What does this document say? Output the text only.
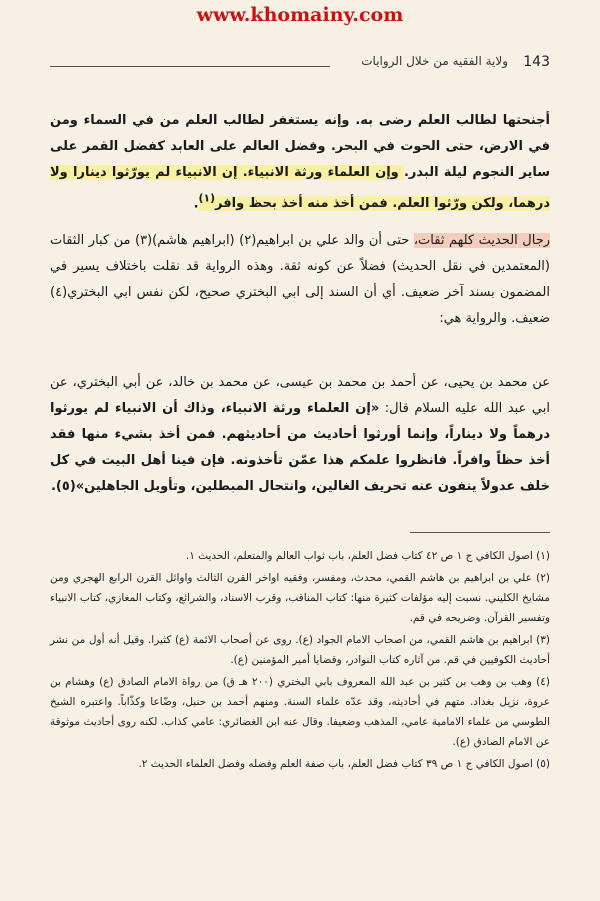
www.khomainy.com
143
ولاية الفقيه من خلال الروايات
أجنحتها لطالب العلم رضى به. وإنه يستغفر لطالب العلم من في السماء ومن في الارض، حتى الحوت في البحر. وفضل العالم على العابد كفضل القمر على ساير النجوم ليلة البدر. وإن العلماء ورثة الانبياء. إن الانبياء لم يورّثوا دينارا ولا درهما، ولكن ورّثوا العلم. فمن أخذ منه أخذ بحظ وافر$^{(١)}$.
رجال الحديث كلهم ثقات، حتى أن والد علي بن ابراهيم(٢) (ابراهيم هاشم)(٣) من كبار الثقات (المعتمدين في نقل الحديث) فضلاً عن كونه ثقة. وهذه الرواية قد نقلت باختلاف يسير في المضمون بسند آخر ضعيف. أي أن السند إلى ابي البختري صحيح، لكن نفس ابي البختري(٤) ضعيف. والرواية هي:
عن محمد بن يحيى، عن أحمد بن محمد بن عيسى، عن محمد بن خالد، عن أبي البختري، عن ابي عبد الله عليه السلام قال: «إن العلماء ورثة الانبياء، وذاك أن الانبياء لم يورثوا درهماً ولا ديناراً، وإنما أورثوا أحاديث من أحاديثهم. فمن أخذ بشيء منها فقد أخذ حظاً وافراً. فانظروا علمكم هذا عمّن تأخذونه. فإن فينا أهل البيت في كل خلف عدولاً ينفون عنه تحريف الغالين، وانتحال المبطلين، وتأويل الجاهلين»(٥).

(١) اصول الكافي ج ١ ص ٤٢ كتاب فضل العلم، باب ثواب العالم والمتعلم، الحديث ١.

(٢) علي بن ابراهيم بن هاشم القمي، محدث، ومفسر، وفقيه اواخر القرن الثالث واوائل القرن الرابع الهجري ومن مشايخ الكليني. نسبت إليه مؤلفات كثيرة منها: كتاب المناقب، وقرب الاسناد، والشرائع، وكتاب المغازي، كتاب الانبياء وتفسير القرآن. وضريحه في قم.

(٣) ابراهيم بن هاشم القمي، من اصحاب الامام الجواد (ع). روى عن أصحاب الائمة (ع) كثيرا. وقيل أنه أول من نشر أحاديث الكوفيين في قم. من آثاره كتاب النوادر، وقضايا أمير المؤمنين (ع).

(٤) وهب بن وهب بن كثير بن عبد الله المعروف بابي البختري (٢٠٠ هـ ق) من رواة الامام الصادق (ع) وهشام بن عروة، نزيل بغداد. متهم في أحاديثه، وقد عدّه علماء السنة. ومنهم أحمد بن حنبل، وضّاعا وكذّاباً. واعتبره الشيخ الطوسي من علماء الامامية عامي، المذهب وضعيفا. وقال عنه ابن الغضائري: عامي كذاب. لكنه روى أحاديث موثوقة عن الامام الصادق (ع).

(٥) اصول الكافي ج ١ ص ٣٩ كتاب فضل العلم، باب صفة العلم وفضله وفضل العلماء الحديث ٢.
